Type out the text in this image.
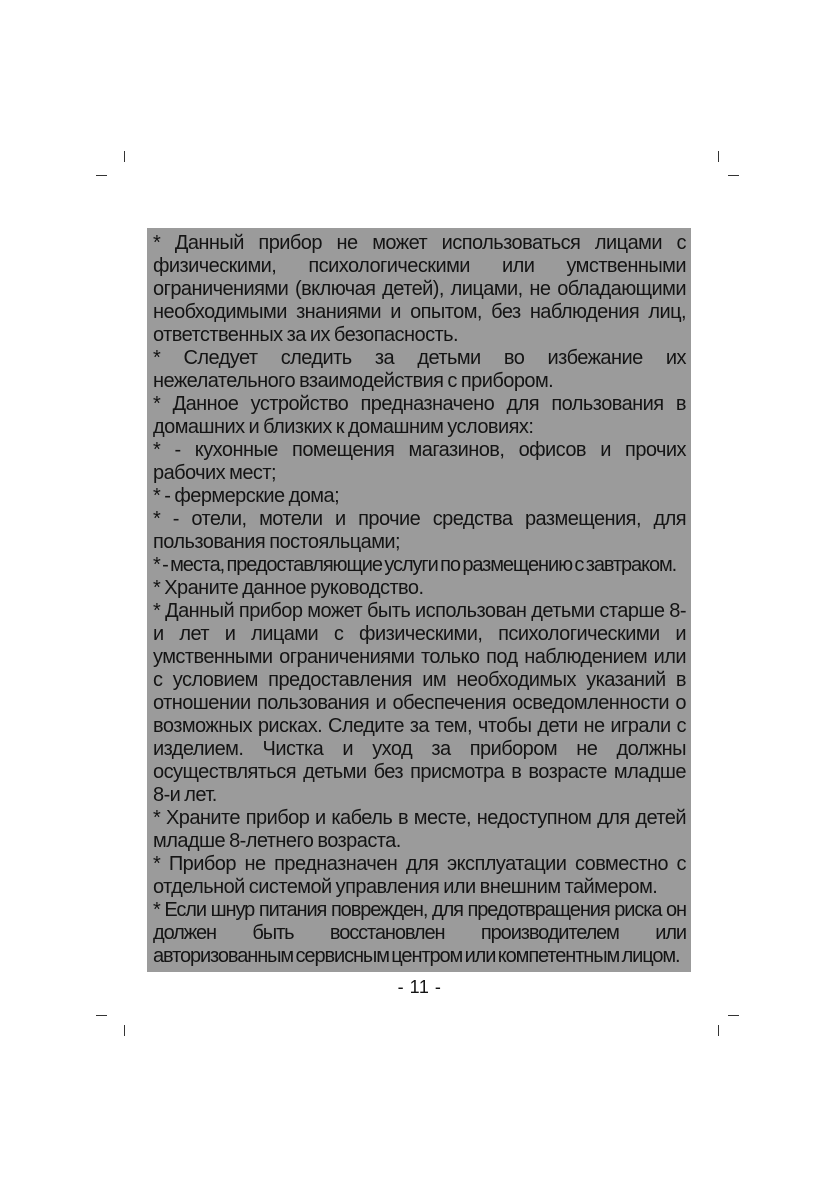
* Данный прибор не может использоваться лицами с физическими, психологическими или умственными ограничениями (включая детей), лицами, не обладающими необходимыми знаниями и опытом, без наблюдения лиц, ответственных за их безопасность.

* Следует следить за детьми во избежание их нежелательного взаимодействия с прибором.

* Данное устройство предназначено для пользования в домашних и близких к домашним условиях:

* - кухонные помещения магазинов, офисов и прочих рабочих мест;

* - фермерские дома;

* - отели, мотели и прочие средства размещения, для пользования постояльцами;

* - места, предоставляющие услуги по размещению с завтраком.

* Храните данное руководство.

* Данный прибор может быть использован детьми старше 8-и лет и лицами с физическими, психологическими и умственными ограничениями только под наблюдением или с условием предоставления им необходимых указаний в отношении пользования и обеспечения осведомленности о возможных рисках. Следите за тем, чтобы дети не играли с изделием. Чистка и уход за прибором не должны осуществляться детьми без присмотра в возрасте младше 8-и лет.

* Храните прибор и кабель в месте, недоступном для детей младше 8-летнего возраста.

* Прибор не предназначен для эксплуатации совместно с отдельной системой управления или внешним таймером.

* Если шнур питания поврежден, для предотвращения риска он должен быть восстановлен производителем или авторизованным сервисным центром или компетентным лицом.

- 11 -
